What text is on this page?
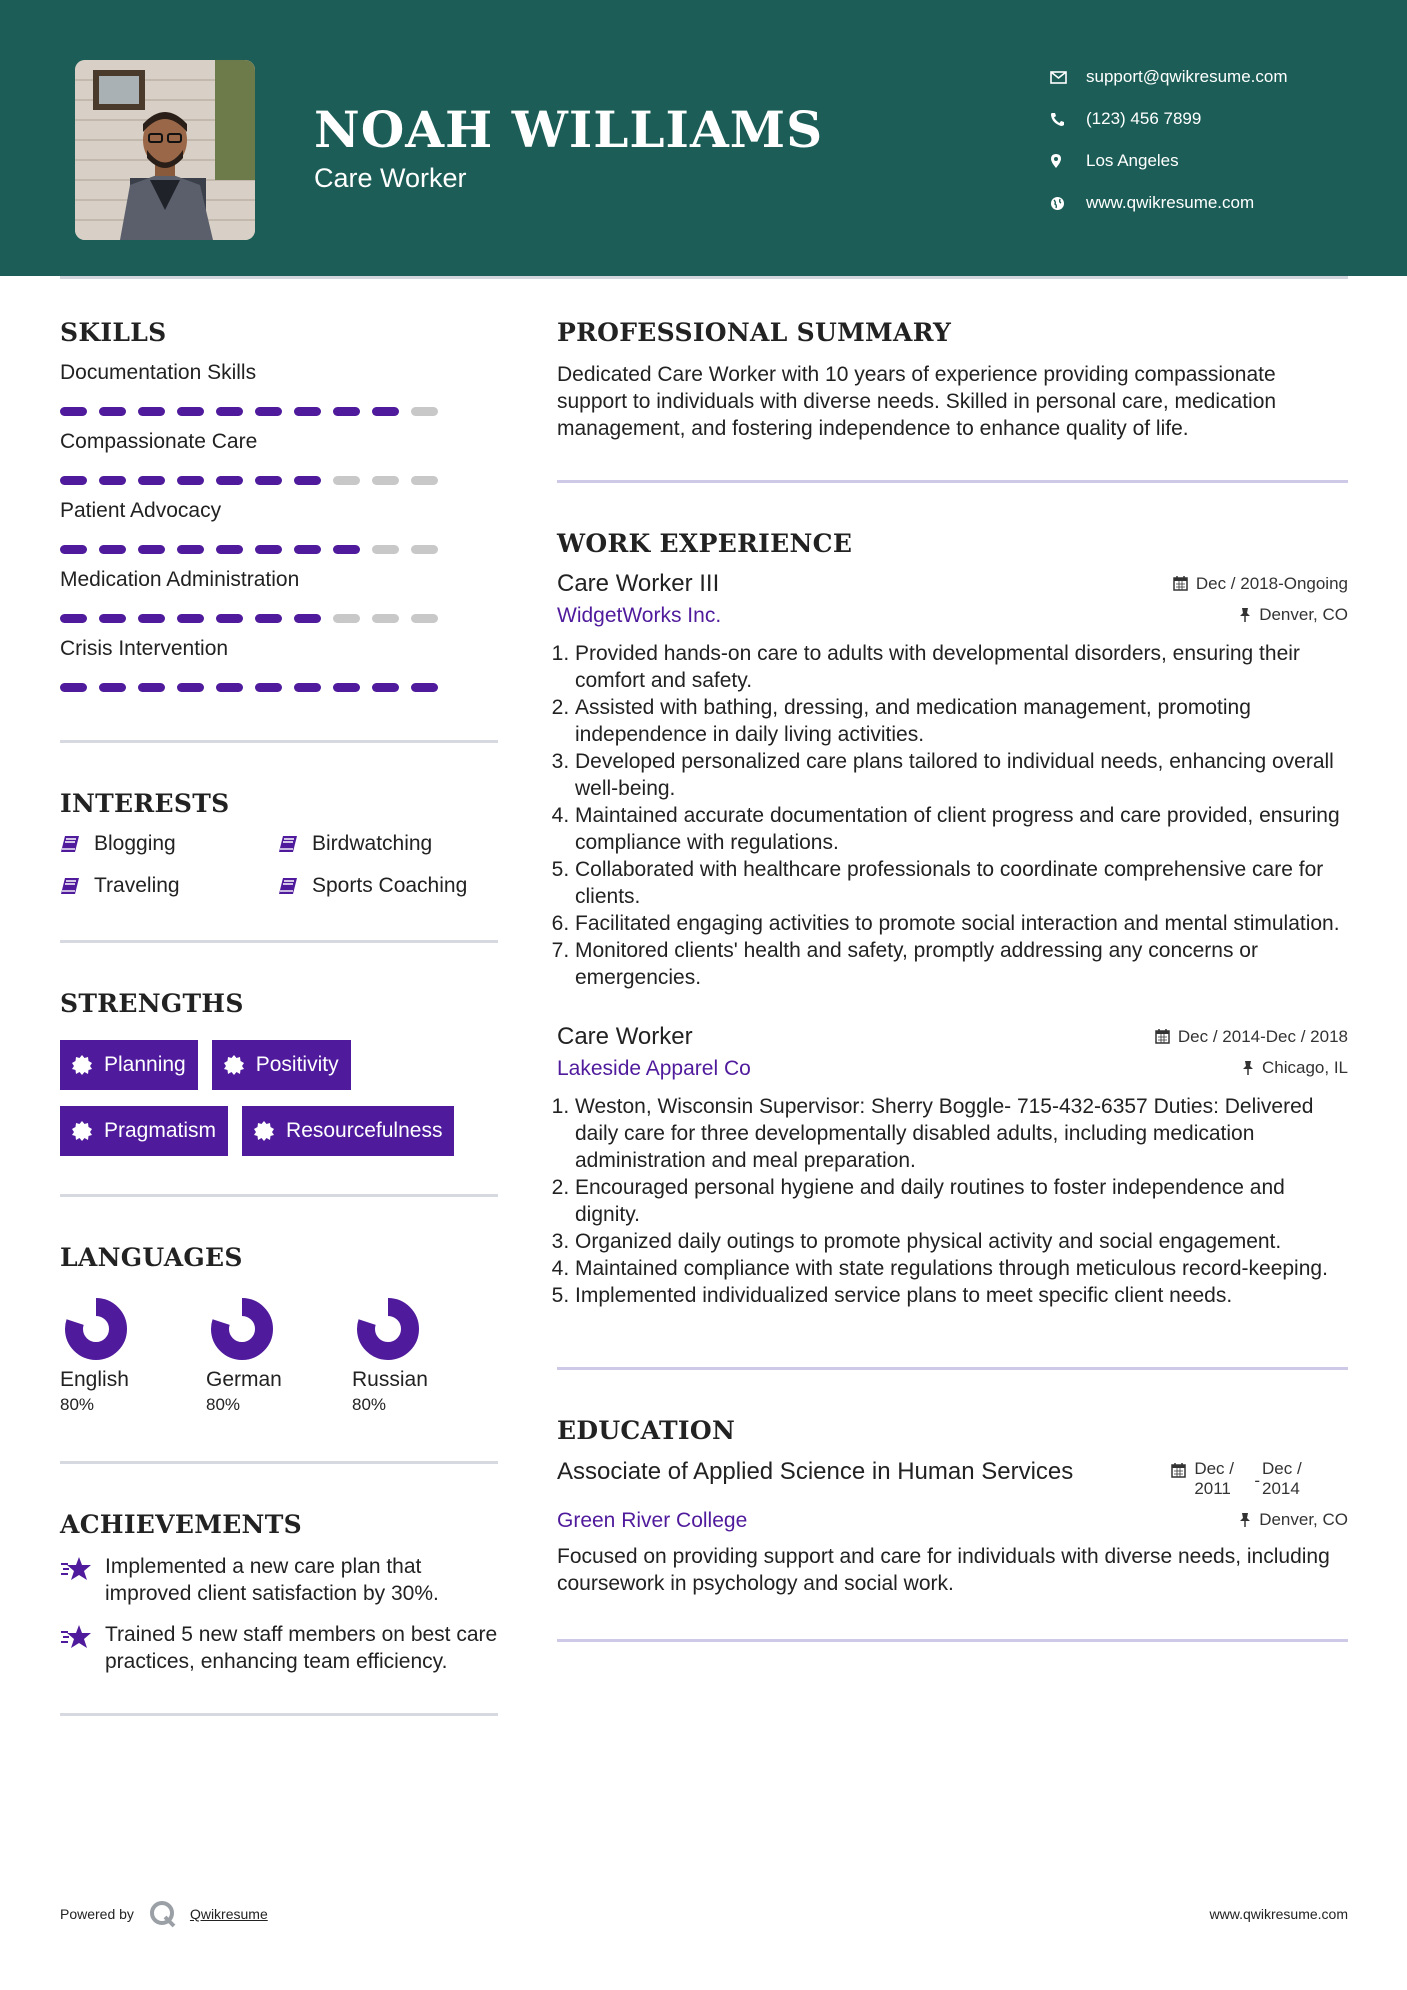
NOAH WILLIAMS
Care Worker
support@qwikresume.com
(123) 456 7899
Los Angeles
www.qwikresume.com
SKILLS
Documentation Skills
Compassionate Care
Patient Advocacy
Medication Administration
Crisis Intervention
INTERESTS
Blogging	Birdwatching
Traveling	Sports Coaching
STRENGTHS
Planning	Positivity
Pragmatism	Resourcefulness
LANGUAGES
English
80%
German
80%
Russian
80%
ACHIEVEMENTS
Implemented a new care plan that improved client satisfaction by 30%.
Trained 5 new staff members on best care practices, enhancing team efficiency.
PROFESSIONAL SUMMARY
Dedicated Care Worker with 10 years of experience providing compassionate support to individuals with diverse needs. Skilled in personal care, medication management, and fostering independence to enhance quality of life.
WORK EXPERIENCE
Care Worker III	Dec / 2018-Ongoing
WidgetWorks Inc.	Denver, CO
1. Provided hands-on care to adults with developmental disorders, ensuring their comfort and safety.
2. Assisted with bathing, dressing, and medication management, promoting independence in daily living activities.
3. Developed personalized care plans tailored to individual needs, enhancing overall well-being.
4. Maintained accurate documentation of client progress and care provided, ensuring compliance with regulations.
5. Collaborated with healthcare professionals to coordinate comprehensive care for clients.
6. Facilitated engaging activities to promote social interaction and mental stimulation.
7. Monitored clients' health and safety, promptly addressing any concerns or emergencies.
Care Worker	Dec / 2014-Dec / 2018
Lakeside Apparel Co	Chicago, IL
1. Weston, Wisconsin Supervisor: Sherry Boggle- 715-432-6357 Duties: Delivered daily care for three developmentally disabled adults, including medication administration and meal preparation.
2. Encouraged personal hygiene and daily routines to foster independence and dignity.
3. Organized daily outings to promote physical activity and social engagement.
4. Maintained compliance with state regulations through meticulous record-keeping.
5. Implemented individualized service plans to meet specific client needs.
EDUCATION
Associate of Applied Science in Human Services	Dec / 2011	-
Dec / 2014
Green River College	Denver, CO
Focused on providing support and care for individuals with diverse needs, including coursework in psychology and social work.
Powered by	Qwikresume	www.qwikresume.com
